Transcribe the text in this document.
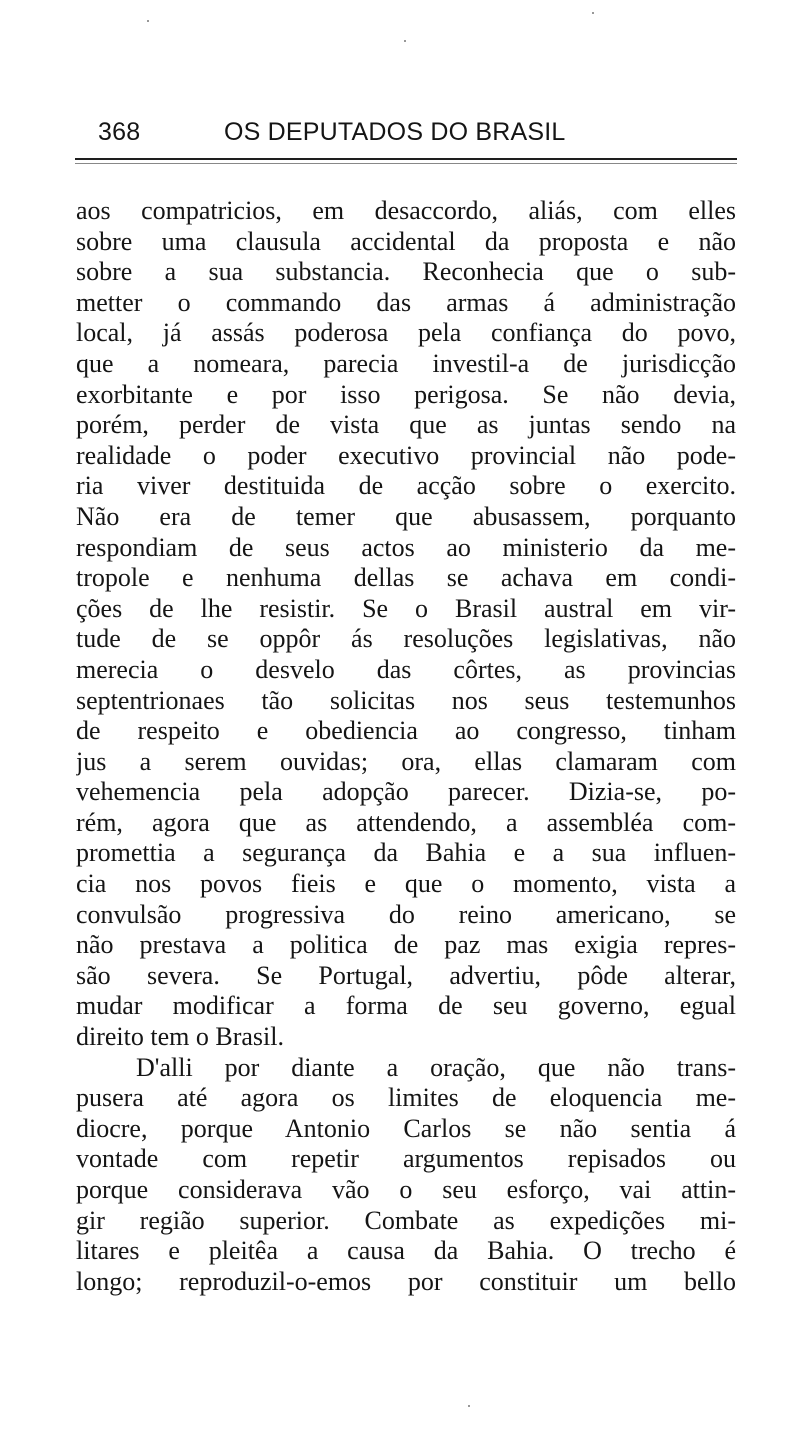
368	OS DEPUTADOS DO BRASIL
aos compatricios, em desaccordo, aliás, com elles
sobre uma clausula accidental da proposta e não
sobre a sua substancia. Reconhecia que o sub-
metter o commando das armas á administração
local, já assás poderosa pela confiança do povo,
que a nomeara, parecia investil-a de jurisdicção
exorbitante e por isso perigosa. Se não devia,
porém, perder de vista que as juntas sendo na
realidade o poder executivo provincial não pode-
ria viver destituida de acção sobre o exercito.
Não era de temer que abusassem, porquanto
respondiam de seus actos ao ministerio da me-
tropole e nenhuma dellas se achava em condi-
ções de lhe resistir. Se o Brasil austral em vir-
tude de se oppôr ás resoluções legislativas, não
merecia o desvelo das côrtes, as provincias
septentrionaes tão solicitas nos seus testemunhos
de respeito e obediencia ao congresso, tinham
jus a serem ouvidas; ora, ellas clamaram com
vehemencia pela adopção parecer. Dizia-se, po-
rém, agora que as attendendo, a assembléa com-
promettia a segurança da Bahia e a sua influen-
cia nos povos fieis e que o momento, vista a
convulsão progressiva do reino americano, se
não prestava a politica de paz mas exigia repres-
são severa. Se Portugal, advertiu, pôde alterar,
mudar modificar a forma de seu governo, egual
direito tem o Brasil.
D'alli por diante a oração, que não trans-
pusera até agora os limites de eloquencia me-
diocre, porque Antonio Carlos se não sentia á
vontade com repetir argumentos repisados ou
porque considerava vão o seu esforço, vai attin-
gir região superior. Combate as expedições mi-
litares e pleitêa a causa da Bahia. O trecho é
longo; reproduzil-o-emos por constituir um bello
